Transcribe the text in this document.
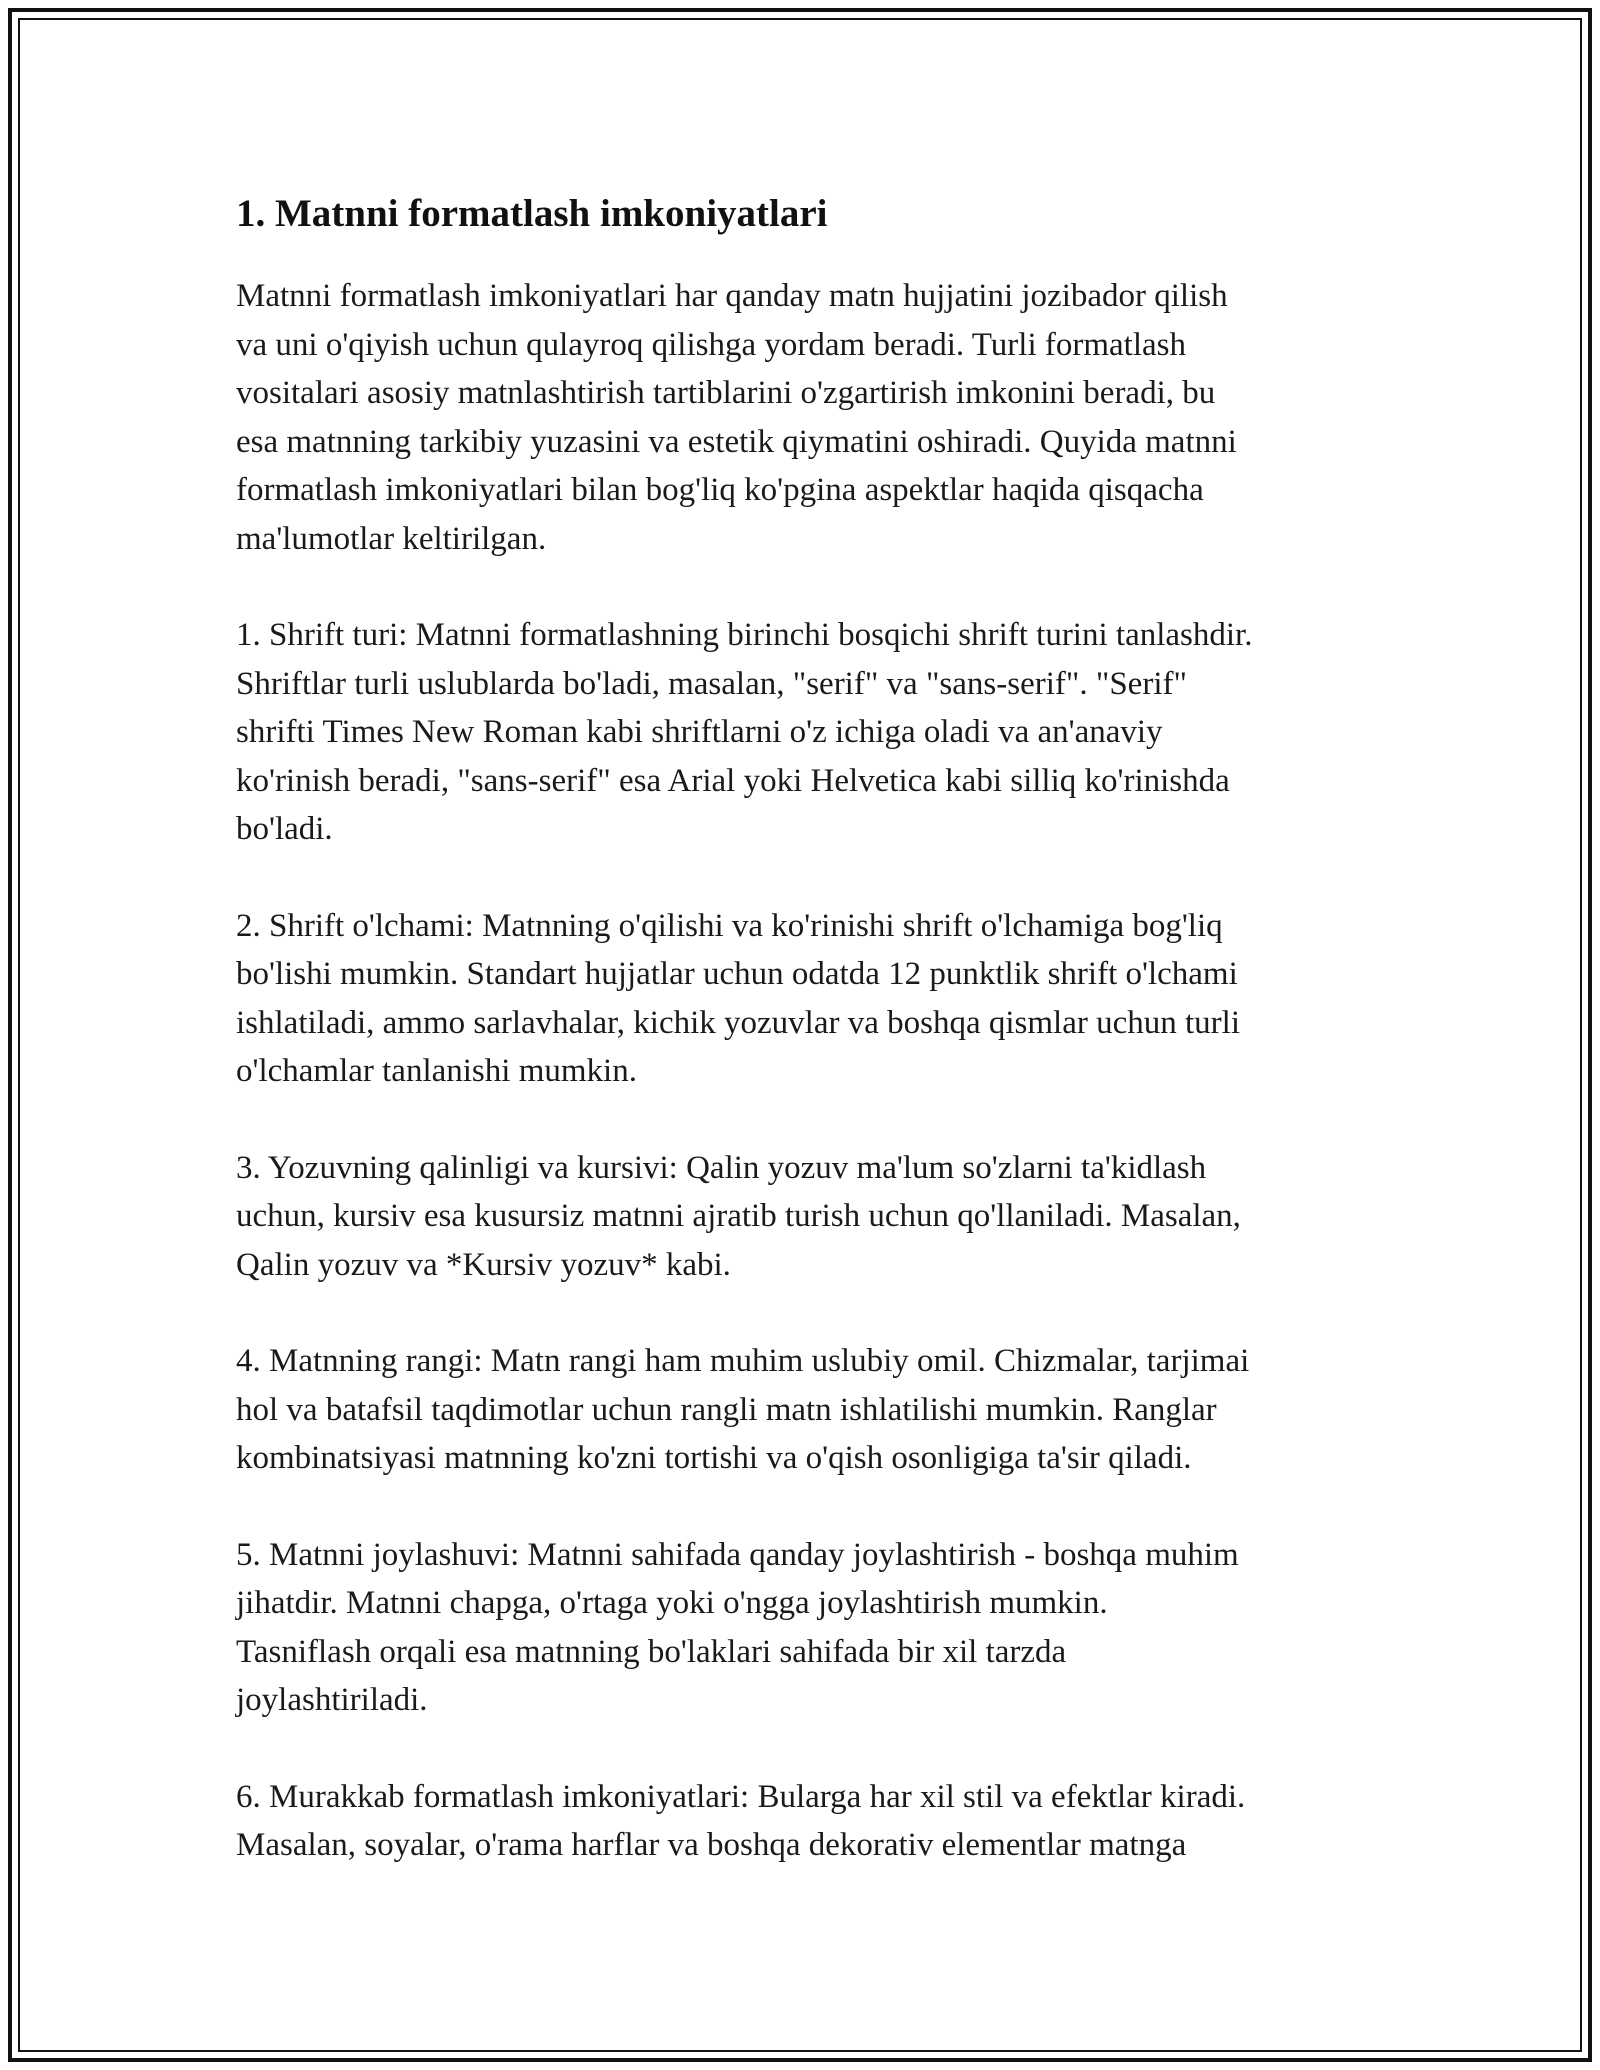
1. Matnni formatlash imkoniyatlari

Matnni formatlash imkoniyatlari har qanday matn hujjatini jozibador qilish
va uni o'qiyish uchun qulayroq qilishga yordam beradi. Turli formatlash
vositalari asosiy matnlashtirish tartiblarini o'zgartirish imkonini beradi, bu
esa matnning tarkibiy yuzasini va estetik qiymatini oshiradi. Quyida matnni
formatlash imkoniyatlari bilan bog'liq ko'pgina aspektlar haqida qisqacha
ma'lumotlar keltirilgan.

1. Shrift turi: Matnni formatlashning birinchi bosqichi shrift turini tanlashdir.
Shriftlar turli uslublarda bo'ladi, masalan, "serif" va "sans-serif". "Serif"
shrifti Times New Roman kabi shriftlarni o'z ichiga oladi va an'anaviy
ko'rinish beradi, "sans-serif" esa Arial yoki Helvetica kabi silliq ko'rinishda
bo'ladi.

2. Shrift o'lchami: Matnning o'qilishi va ko'rinishi shrift o'lchamiga bog'liq
bo'lishi mumkin. Standart hujjatlar uchun odatda 12 punktlik shrift o'lchami
ishlatiladi, ammo sarlavhalar, kichik yozuvlar va boshqa qismlar uchun turli
o'lchamlar tanlanishi mumkin.

3. Yozuvning qalinligi va kursivi: Qalin yozuv ma'lum so'zlarni ta'kidlash
uchun, kursiv esa kusursiz matnni ajratib turish uchun qo'llaniladi. Masalan,
Qalin yozuv va *Kursiv yozuv* kabi.

4. Matnning rangi: Matn rangi ham muhim uslubiy omil. Chizmalar, tarjimai
hol va batafsil taqdimotlar uchun rangli matn ishlatilishi mumkin. Ranglar
kombinatsiyasi matnning ko'zni tortishi va o'qish osonligiga ta'sir qiladi.

5. Matnni joylashuvi: Matnni sahifada qanday joylashtirish - boshqa muhim
jihatdir. Matnni chapga, o'rtaga yoki o'ngga joylashtirish mumkin.
Tasniflash orqali esa matnning bo'laklari sahifada bir xil tarzda
joylashtiriladi.

6. Murakkab formatlash imkoniyatlari: Bularga har xil stil va efektlar kiradi.
Masalan, soyalar, o'rama harflar va boshqa dekorativ elementlar matnga
